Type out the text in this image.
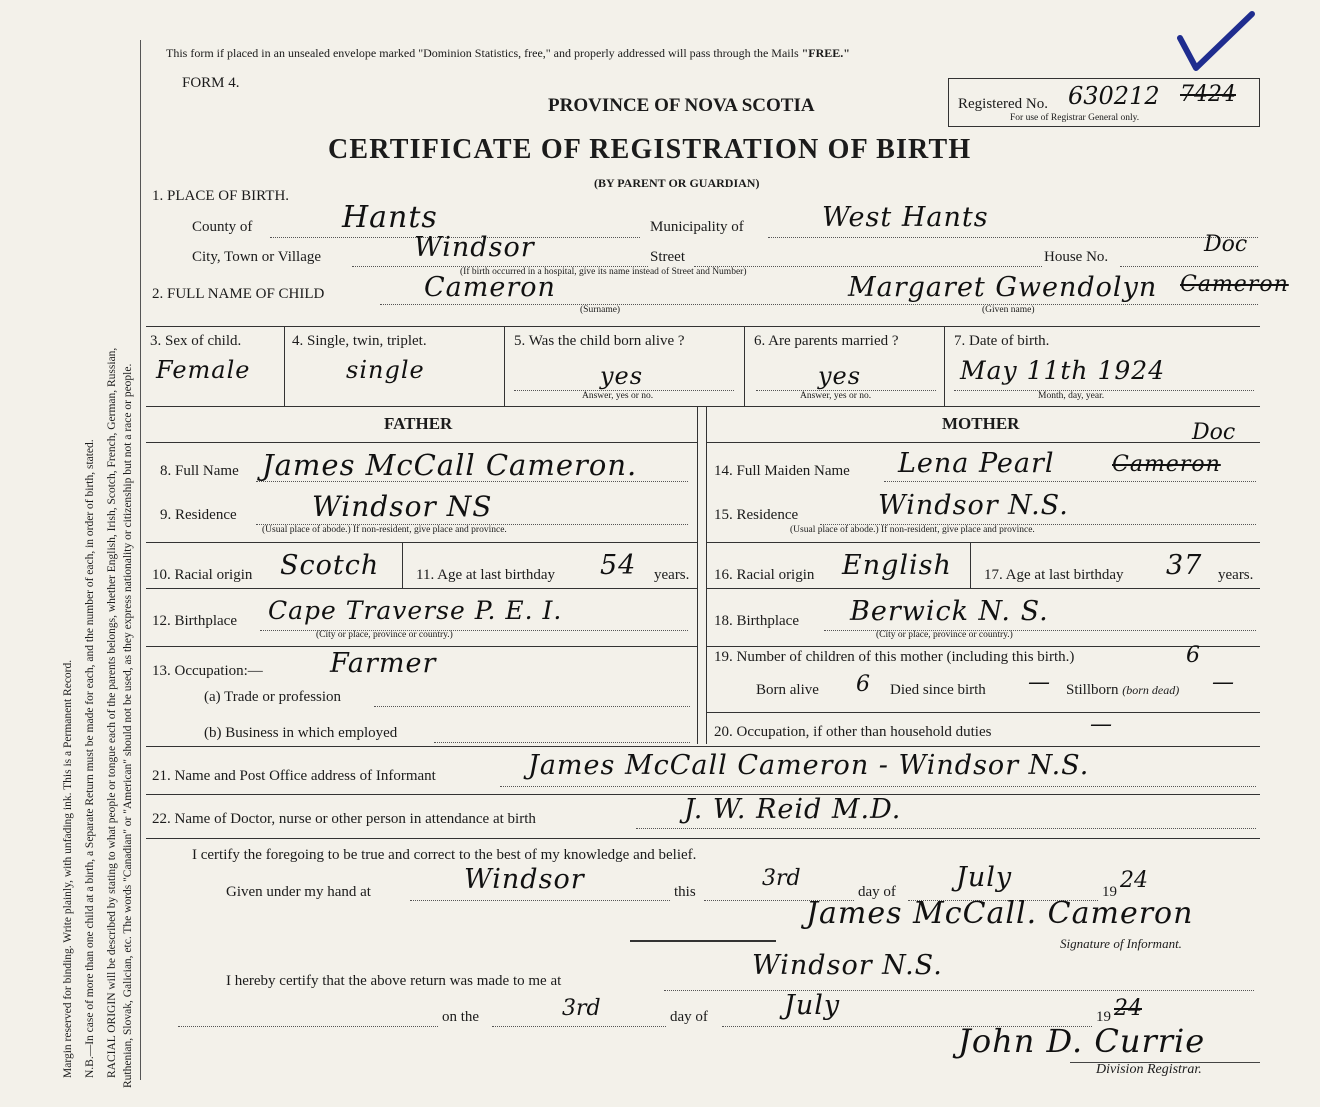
Margin reserved for binding. Write plainly, with unfading ink. This is a Permanent Record. N.B.—In case of more than one child at a birth, a Separate Return must be made for each, and the number of each, in order of birth, stated. RACIAL ORIGIN will be described by stating to what people or tongue each of the parents belongs, whether English, Irish, Scotch, French, German, Russian, Ruthenian, Slovak, Galician, etc. The words "Canadian" or "American" should not be used, as they express nationality or citizenship but not a race or people.
This form if placed in an unsealed envelope marked "Dominion Statistics, free," and properly addressed will pass through the Mails "FREE."
FORM 4.
PROVINCE OF NOVA SCOTIA
CERTIFICATE OF REGISTRATION OF BIRTH
(BY PARENT OR GUARDIAN)
Registered No. 630212 7424
For use of Registrar General only.
1. PLACE OF BIRTH.
County of	Hants	Municipality of	West Hants
City, Town or Village	Windsor	Street	House No.	Doc
(If birth occurred in a hospital, give its name instead of Street and Number)
2. FULL NAME OF CHILD	Cameron	Margaret Gwendolyn Cameron
(Surname)	(Given name)
3. Sex of child.
Female
4. Single, twin, triplet.
single
5. Was the child born alive ?
yes
Answer, yes or no.
6. Are parents married ?
yes
Answer, yes or no.
7. Date of birth.
May 11th 1924
Month, day, year.
FATHER	MOTHER
8. Full Name James McCall Cameron.
9. Residence	Windsor NS
(Usual place of abode.) If non-resident, give place and province.
10. Racial origin Scotch 11. Age at last birthday 54 years.
12. Birthplace Cape Traverse P. E. I.
(City or place, province or country.)
13. Occupation:— Farmer
(a) Trade or profession
(b) Business in which employed
14. Full Maiden Name Lena Pearl	Cameron
Doc
15. Residence	Windsor N.S.
(Usual place of abode.) If non-resident, give place and province.
16. Racial origin English 17. Age at last birthday 37 years.
18. Birthplace Berwick N. S.
(City or place, province or country.)
19. Number of children of this mother (including this birth.)	6
Born alive 6 Died since birth — Stillborn (born dead) —
20. Occupation, if other than household duties	—
21. Name and Post Office address of Informant	James McCall Cameron - Windsor N.S.
22. Name of Doctor, nurse or other person in attendance at birth	J. W. Reid M.D.
I certify the foregoing to be true and correct to the best of my knowledge and belief.
Given under my hand at	Windsor	this
3rd
day of July	19 24
James McCall. Cameron
Signature of Informant.
I hereby certify that the above return was made to me at	Windsor N.S.
on the	3rd	day of	July	19 24
John D. Currie
Division Registrar.
